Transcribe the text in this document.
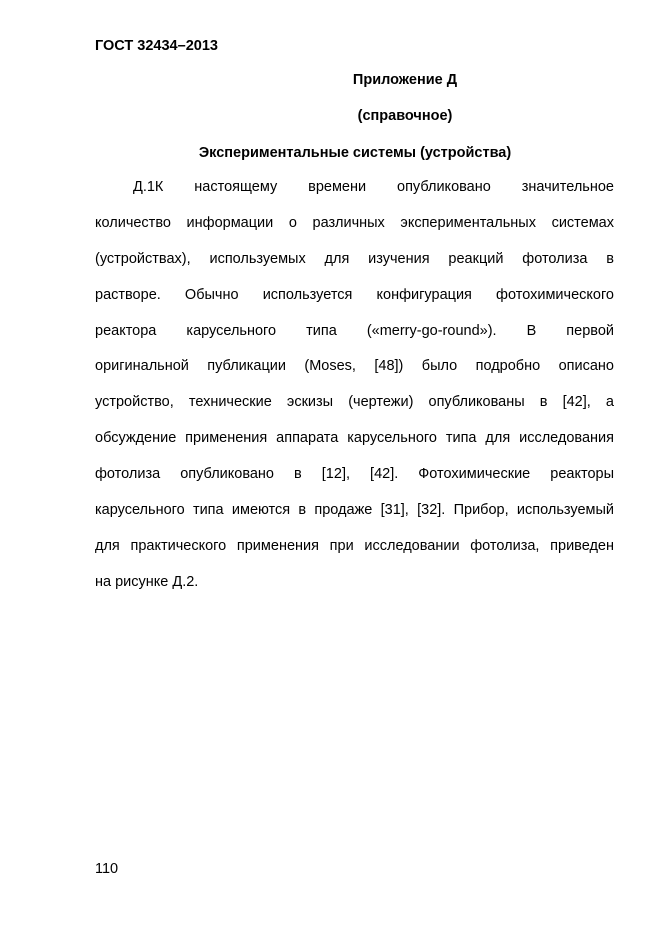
ГОСТ 32434–2013
Приложение Д
(справочное)
Экспериментальные системы (устройства)
Д.1К настоящему времени опубликовано значительное
количество информации о различных экспериментальных системах
(устройствах), используемых для изучения реакций фотолиза в
растворе. Обычно используется конфигурация фотохимического
реактора карусельного типа («merry-go-round»). В первой
оригинальной публикации (Moses, [48]) было подробно описано
устройство, технические эскизы (чертежи) опубликованы в [42], а
обсуждение применения аппарата карусельного типа для исследования
фотолиза опубликовано в [12], [42]. Фотохимические реакторы
карусельного типа имеются в продаже [31], [32]. Прибор, используемый
для практического применения при исследовании фотолиза, приведен
на рисунке Д.2.
110
